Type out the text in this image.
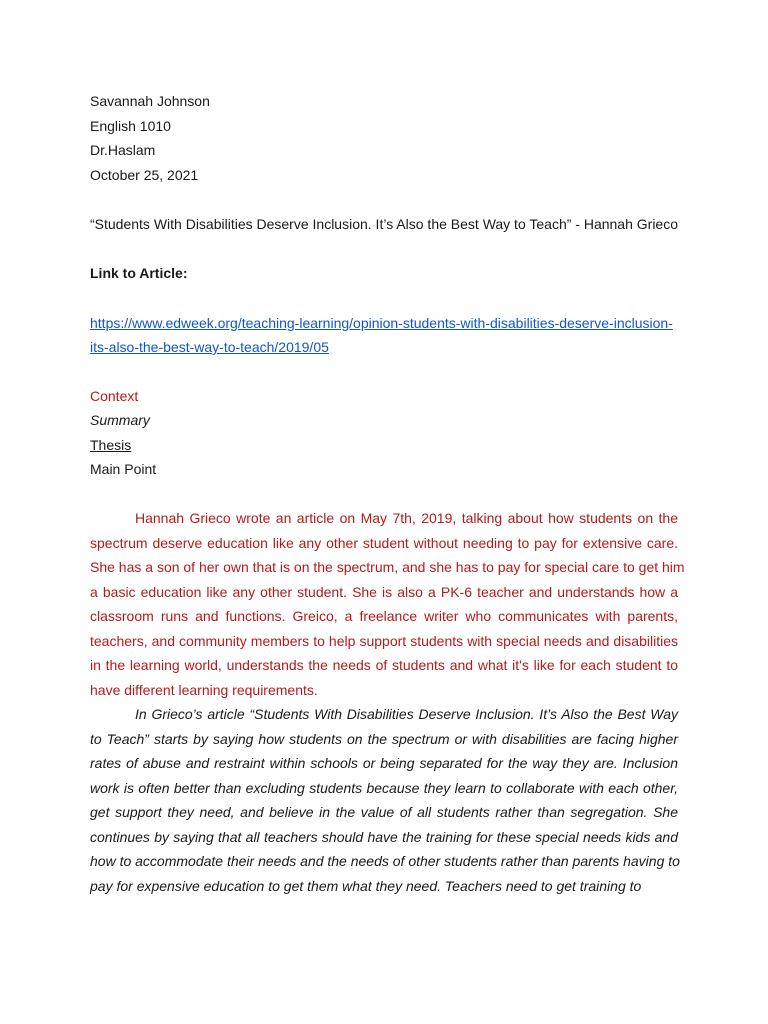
Savannah Johnson
English 1010
Dr.Haslam
October 25, 2021
“Students With Disabilities Deserve Inclusion. It’s Also the Best Way to Teach” - Hannah Grieco
Link to Article:
https://www.edweek.org/teaching-learning/opinion-students-with-disabilities-deserve-inclusion-
its-also-the-best-way-to-teach/2019/05
Context
Summary
Thesis
Main Point
Hannah Grieco wrote an article on May 7th, 2019, talking about how students on the
spectrum deserve education like any other student without needing to pay for extensive care.
She has a son of her own that is on the spectrum, and she has to pay for special care to get him
a basic education like any other student. She is also a PK-6 teacher and understands how a
classroom runs and functions. Greico, a freelance writer who communicates with parents,
teachers, and community members to help support students with special needs and disabilities
in the learning world, understands the needs of students and what it's like for each student to
have different learning requirements.
In Grieco’s article “Students With Disabilities Deserve Inclusion. It’s Also the Best Way
to Teach” starts by saying how students on the spectrum or with disabilities are facing higher
rates of abuse and restraint within schools or being separated for the way they are. Inclusion
work is often better than excluding students because they learn to collaborate with each other,
get support they need, and believe in the value of all students rather than segregation. She
continues by saying that all teachers should have the training for these special needs kids and
how to accommodate their needs and the needs of other students rather than parents having to
pay for expensive education to get them what they need. Teachers need to get training to
